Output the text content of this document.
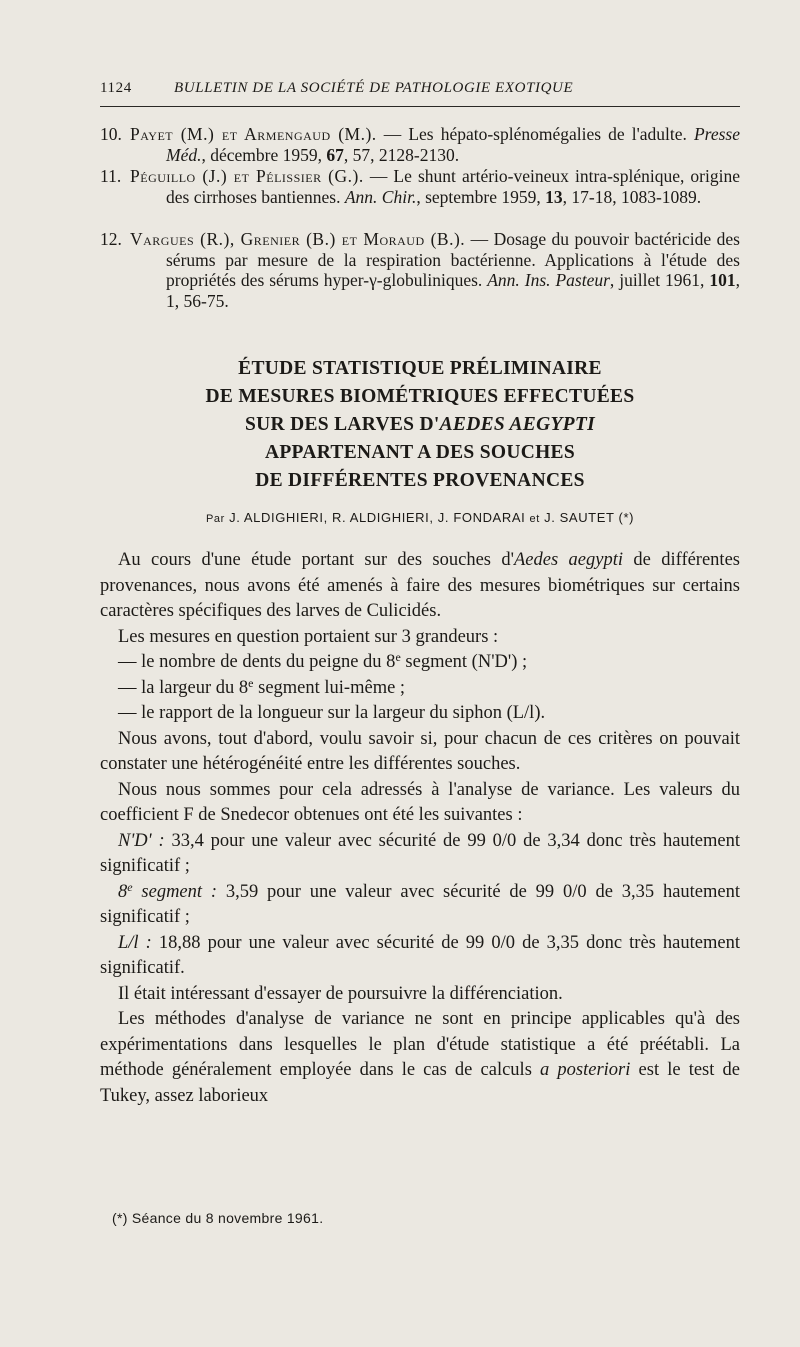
1124	BULLETIN DE LA SOCIÉTÉ DE PATHOLOGIE EXOTIQUE
10. Payet (M.) et Armengaud (M.). — Les hépato-splénomégalies de l'adulte. Presse Méd., décembre 1959, 67, 57, 2128-2130.
11. Péguillo (J.) et Pélissier (G.). — Le shunt artério-veineux intra-splénique, origine des cirrhoses bantiennes. Ann. Chir., septembre 1959, 13, 17-18, 1083-1089.
12. Vargues (R.), Grenier (B.) et Moraud (B.). — Dosage du pouvoir bactéricide des sérums par mesure de la respiration bactérienne. Applications à l'étude des propriétés des sérums hyper-γ-globuliniques. Ann. Ins. Pasteur, juillet 1961, 101, 1, 56-75.
ÉTUDE STATISTIQUE PRÉLIMINAIRE
DE MESURES BIOMÉTRIQUES EFFECTUÉES
SUR DES LARVES D'AEDES AEGYPTI
APPARTENANT A DES SOUCHES
DE DIFFÉRENTES PROVENANCES
Par J. ALDIGHIERI, R. ALDIGHIERI, J. FONDARAI et J. SAUTET (*)

Au cours d'une étude portant sur des souches d'Aedes aegypti de différentes provenances, nous avons été amenés à faire des mesures biométriques sur certains caractères spécifiques des larves de Culicidés.

Les mesures en question portaient sur 3 grandeurs :

— le nombre de dents du peigne du 8e segment (N'D') ;

— la largeur du 8e segment lui-même ;

— le rapport de la longueur sur la largeur du siphon (L/l).

Nous avons, tout d'abord, voulu savoir si, pour chacun de ces critères on pouvait constater une hétérogénéité entre les différentes souches.

Nous nous sommes pour cela adressés à l'analyse de variance. Les valeurs du coefficient F de Snedecor obtenues ont été les suivantes :

N'D' : 33,4 pour une valeur avec sécurité de 99 0/0 de 3,34 donc très hautement significatif ;

8e segment : 3,59 pour une valeur avec sécurité de 99 0/0 de 3,35 hautement significatif ;

L/l : 18,88 pour une valeur avec sécurité de 99 0/0 de 3,35 donc très hautement significatif.

Il était intéressant d'essayer de poursuivre la différenciation.

Les méthodes d'analyse de variance ne sont en principe applicables qu'à des expérimentations dans lesquelles le plan d'étude statistique a été préétabli. La méthode généralement employée dans le cas de calculs a posteriori est le test de Tukey, assez laborieux

(*) Séance du 8 novembre 1961.
